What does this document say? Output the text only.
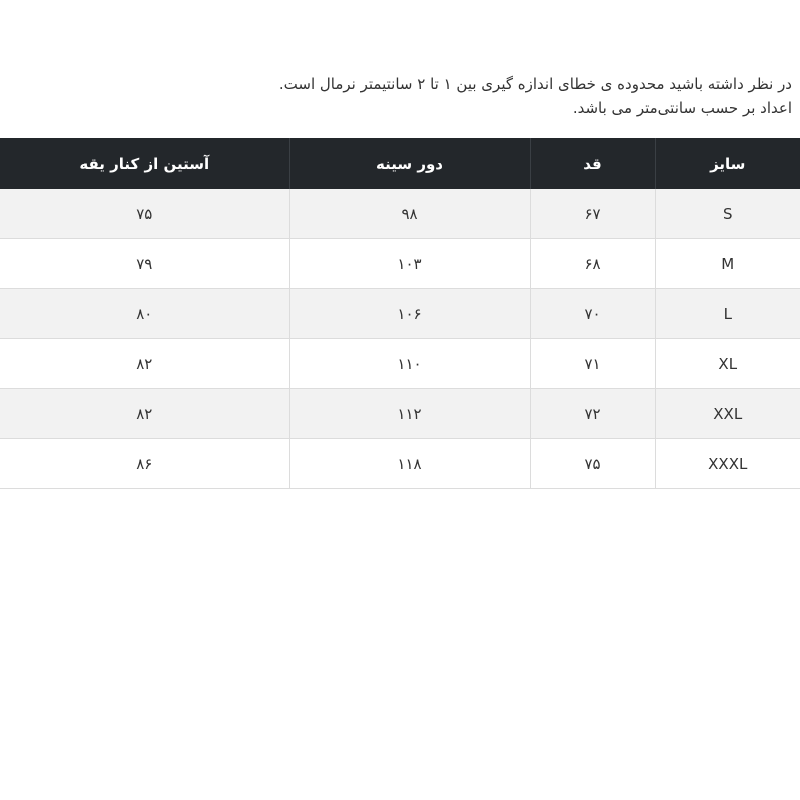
در نظر داشته باشید محدوده ی خطای اندازه گیری بین ۱ تا ۲ سانتیمتر نرمال است.

اعداد بر حسب سانتی‌متر می باشد.

سایز	قد	دور سینه	آستین از کنار یقه
S	۶۷	۹۸	۷۵
M	۶۸	۱۰۳	۷۹
L	۷۰	۱۰۶	۸۰
XL	۷۱	۱۱۰	۸۲
XXL	۷۲	۱۱۲	۸۲
XXXL	۷۵	۱۱۸	۸۶
